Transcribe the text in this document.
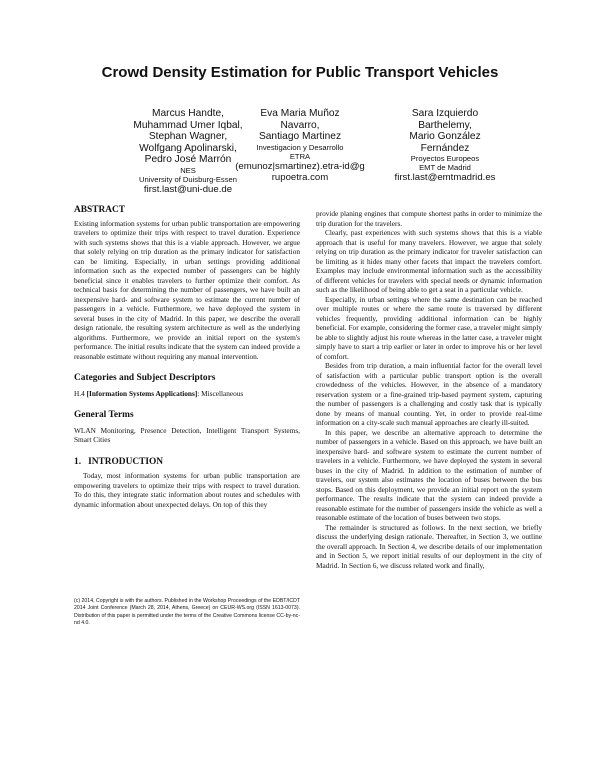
Crowd Density Estimation for Public Transport Vehicles
Marcus Handte,
Muhammad Umer Iqbal,
Stephan Wagner,
Wolfgang Apolinarski,
Pedro José Marrón
NES
University of Duisburg-Essen
first.last@uni-due.de
Eva Maria Muñoz
Navarro,
Santiago Martinez
Investigacion y Desarrollo
ETRA
(emunoz|smartinez).etra-id@grupoetra.com
Sara Izquierdo
Barthelemy,
Mario González
Fernández
Proyectos Europeos
EMT de Madrid
first.last@emtmadrid.es
ABSTRACT

Existing information systems for urban public transportation are empowering travelers to optimize their trips with respect to travel duration. Experience with such systems shows that this is a viable approach. However, we argue that solely relying on trip duration as the primary indicator for satisfaction can be limiting. Especially, in urban settings providing additional information such as the expected number of passengers can be highly beneficial since it enables travelers to further optimize their comfort. As technical basis for determining the number of passengers, we have built an inexpensive hard- and software system to estimate the current number of passengers in a vehicle. Furthermore, we have deployed the system in several buses in the city of Madrid. In this paper, we describe the overall design rationale, the resulting system architecture as well as the underlying algorithms. Furthermore, we provide an initial report on the system's performance. The initial results indicate that the system can indeed provide a reasonable estimate without requiring any manual intervention.

Categories and Subject Descriptors

H.4 [Information Systems Applications]: Miscellaneous

General Terms

WLAN Monitoring, Presence Detection, Intelligent Transport Systems, Smart Cities

1.   INTRODUCTION

Today, most information systems for urban public transportation are empowering travelers to optimize their trips with respect to travel duration. To do this, they integrate static information about routes and schedules with dynamic information about unexpected delays. On top of this they

(c) 2014, Copyright is with the authors. Published in the Workshop Proceedings of the EDBT/ICDT 2014 Joint Conference (March 28, 2014, Athens, Greece) on CEUR-WS.org (ISSN 1613-0073). Distribution of this paper is permitted under the terms of the Creative Commons license CC-by-nc-nd 4.0.

provide planing engines that compute shortest paths in order to minimize the trip duration for the travelers.

Clearly, past experiences with such systems shows that this is a viable approach that is useful for many travelers. However, we argue that solely relying on trip duration as the primary indicator for traveler satisfaction can be limiting as it hides many other facets that impact the travelers comfort. Examples may include environmental information such as the accessibility of different vehicles for travelers with special needs or dynamic information such as the likelihood of being able to get a seat in a particular vehicle.

Especially, in urban settings where the same destination can be reached over multiple routes or where the same route is traversed by different vehicles frequently, providing additional information can be highly beneficial. For example, considering the former case, a traveler might simply be able to slightly adjust his route whereas in the latter case, a traveler might simply have to start a trip earlier or later in order to improve his or her level of comfort.

Besides from trip duration, a main influential factor for the overall level of satisfaction with a particular public transport option is the overall crowdedness of the vehicles. However, in the absence of a mandatory reservation system or a fine-grained trip-based payment system, capturing the number of passengers is a challenging and costly task that is typically done by means of manual counting. Yet, in order to provide real-time information on a city-scale such manual approaches are clearly ill-suited.

In this paper, we describe an alternative approach to determine the number of passengers in a vehicle. Based on this approach, we have built an inexpensive hard- and software system to estimate the current number of travelers in a vehicle. Furthermore, we have deployed the system in several buses in the city of Madrid. In addition to the estimation of number of travelers, our system also estimates the location of buses between the bus stops. Based on this deployment, we provide an initial report on the system performance. The results indicate that the system can indeed provide a reasonable estimate for the number of passengers inside the vehicle as well a reasonable estimate of the location of buses between two stops.

The remainder is structured as follows. In the next section, we briefly discuss the underlying design rationale. Thereafter, in Section 3, we outline the overall approach. In Section 4, we describe details of our implementation and in Section 5, we report initial results of our deployment in the city of Madrid. In Section 6, we discuss related work and finally,
